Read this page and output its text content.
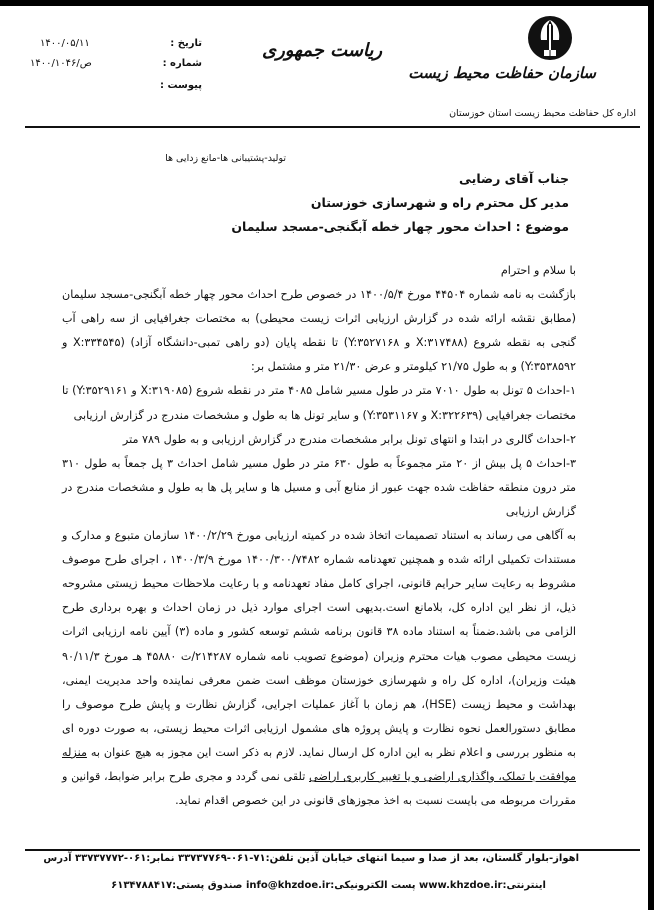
سازمان حفاظت محیط زیست
ریاست جمهوری
اداره کل حفاظت محیط زیست استان خوزستان
تاریخ :
۱۴۰۰/۰۵/۱۱
شماره :
۱۴۰۰/۱۰۴۶/ص
پیوست :
تولید-پشتیبانی ها-مانع زدایی ها
جناب آقای رضایی
مدیر کل محترم راه و شهرسازی خوزستان
موضوع : احداث محور چهار خطه آبگنجی-مسجد سلیمان

با سلام و احترام

بازگشت به نامه شماره ۴۴۵۰۴ مورخ ۱۴۰۰/۵/۴ در خصوص طرح احداث محور چهار خطه آبگنجی-مسجد سلیمان (مطابق نقشه ارائه شده در گزارش ارزیابی اثرات زیست محیطی) به مختصات جغرافیایی از سه راهی آب گنجی به نقطه شروع (X:۳۱۷۴۸۸ و Y:۳۵۲۷۱۶۸) تا نقطه پایان (دو راهی تمبی-دانشگاه آزاد) (X:۳۳۴۵۴۵ و Y:۳۵۳۸۵۹۲) و به طول ۲۱/۷۵ کیلومتر و عرض ۲۱/۳۰ متر و مشتمل بر:

۱-احداث ۵ تونل به طول ۷۰۱۰ متر در طول مسیر شامل ۴۰۸۵ متر در نقطه شروع (X:۳۱۹۰۸۵ و Y:۳۵۲۹۱۶۱) تا مختصات جغرافیایی (X:۳۲۲۶۳۹ و Y:۳۵۳۱۱۶۷) و سایر تونل ها به طول و مشخصات مندرج در گزارش ارزیابی

۲-احداث گالری در ابتدا و انتهای تونل برابر مشخصات مندرج در گزارش ارزیابی و به طول ۷۸۹ متر

۳-احداث ۵ پل بیش از ۲۰ متر مجموعاً به طول ۶۳۰ متر در طول مسیر شامل احداث ۳ پل جمعاً به طول ۳۱۰ متر درون منطقه حفاظت شده جهت عبور از منابع آبی و مسیل ها و سایر پل ها به طول و مشخصات مندرج در گزارش ارزیابی

به آگاهی می رساند به استناد تصمیمات اتخاذ شده در کمیته ارزیابی مورخ ۱۴۰۰/۲/۲۹ سازمان متبوع و مدارک و مستندات تکمیلی ارائه شده و همچنین تعهدنامه شماره ۱۴۰۰/۳۰۰/۷۴۸۲ مورخ ۱۴۰۰/۳/۹ ، اجرای طرح موصوف مشروط به رعایت سایر حرایم قانونی، اجرای کامل مفاد تعهدنامه و با رعایت ملاحظات محیط زیستی مشروحه ذیل، از نظر این اداره کل، بلامانع است.بدیهی است اجرای موارد ذیل در زمان احداث و بهره برداری طرح الزامی می باشد.ضمناً به استناد ماده ۳۸ قانون برنامه ششم توسعه کشور و ماده (۳) آیین نامه ارزیابی اثرات زیست محیطی مصوب هیات محترم وزیران (موضوع تصویب نامه شماره ۲۱۴۲۸۷/ت ۴۵۸۸۰ هـ مورخ ۹۰/۱۱/۳ هیئت وزیران)، اداره کل راه و شهرسازی خوزستان موظف است ضمن معرفی نماینده واحد مدیریت ایمنی، بهداشت و محیط زیست (HSE)، هم زمان با آغاز عملیات اجرایی، گزارش نظارت و پایش طرح موصوف را مطابق دستورالعمل نحوه نظارت و پایش پروژه های مشمول ارزیابی اثرات محیط زیستی، به صورت دوره ای به منظور بررسی و اعلام نظر به این اداره کل ارسال نماید. لازم به ذکر است این مجوز به هیچ عنوان به منزله موافقت با تملک، واگذاری اراضی و یا تغییر کاربری اراضی تلقی نمی گردد و مجری طرح برابر ضوابط، قوانین و مقررات مربوطه می بایست نسبت به اخذ مجوزهای قانونی در این خصوص اقدام نماید.

اهواز-بلوار گلستان، بعد از صدا و سیما انتهای خیابان آذین تلفن:۷۱-۰۶۱-۳۳۷۳۷۷۶۹ نمابر:۰۶۱-۳۳۷۳۷۷۷۲ آدرس
اینترنتی:www.khzdoe.ir پست الکترونیکی:info@khzdoe.ir صندوق پستی:۶۱۳۴۷۸۸۴۱۷
